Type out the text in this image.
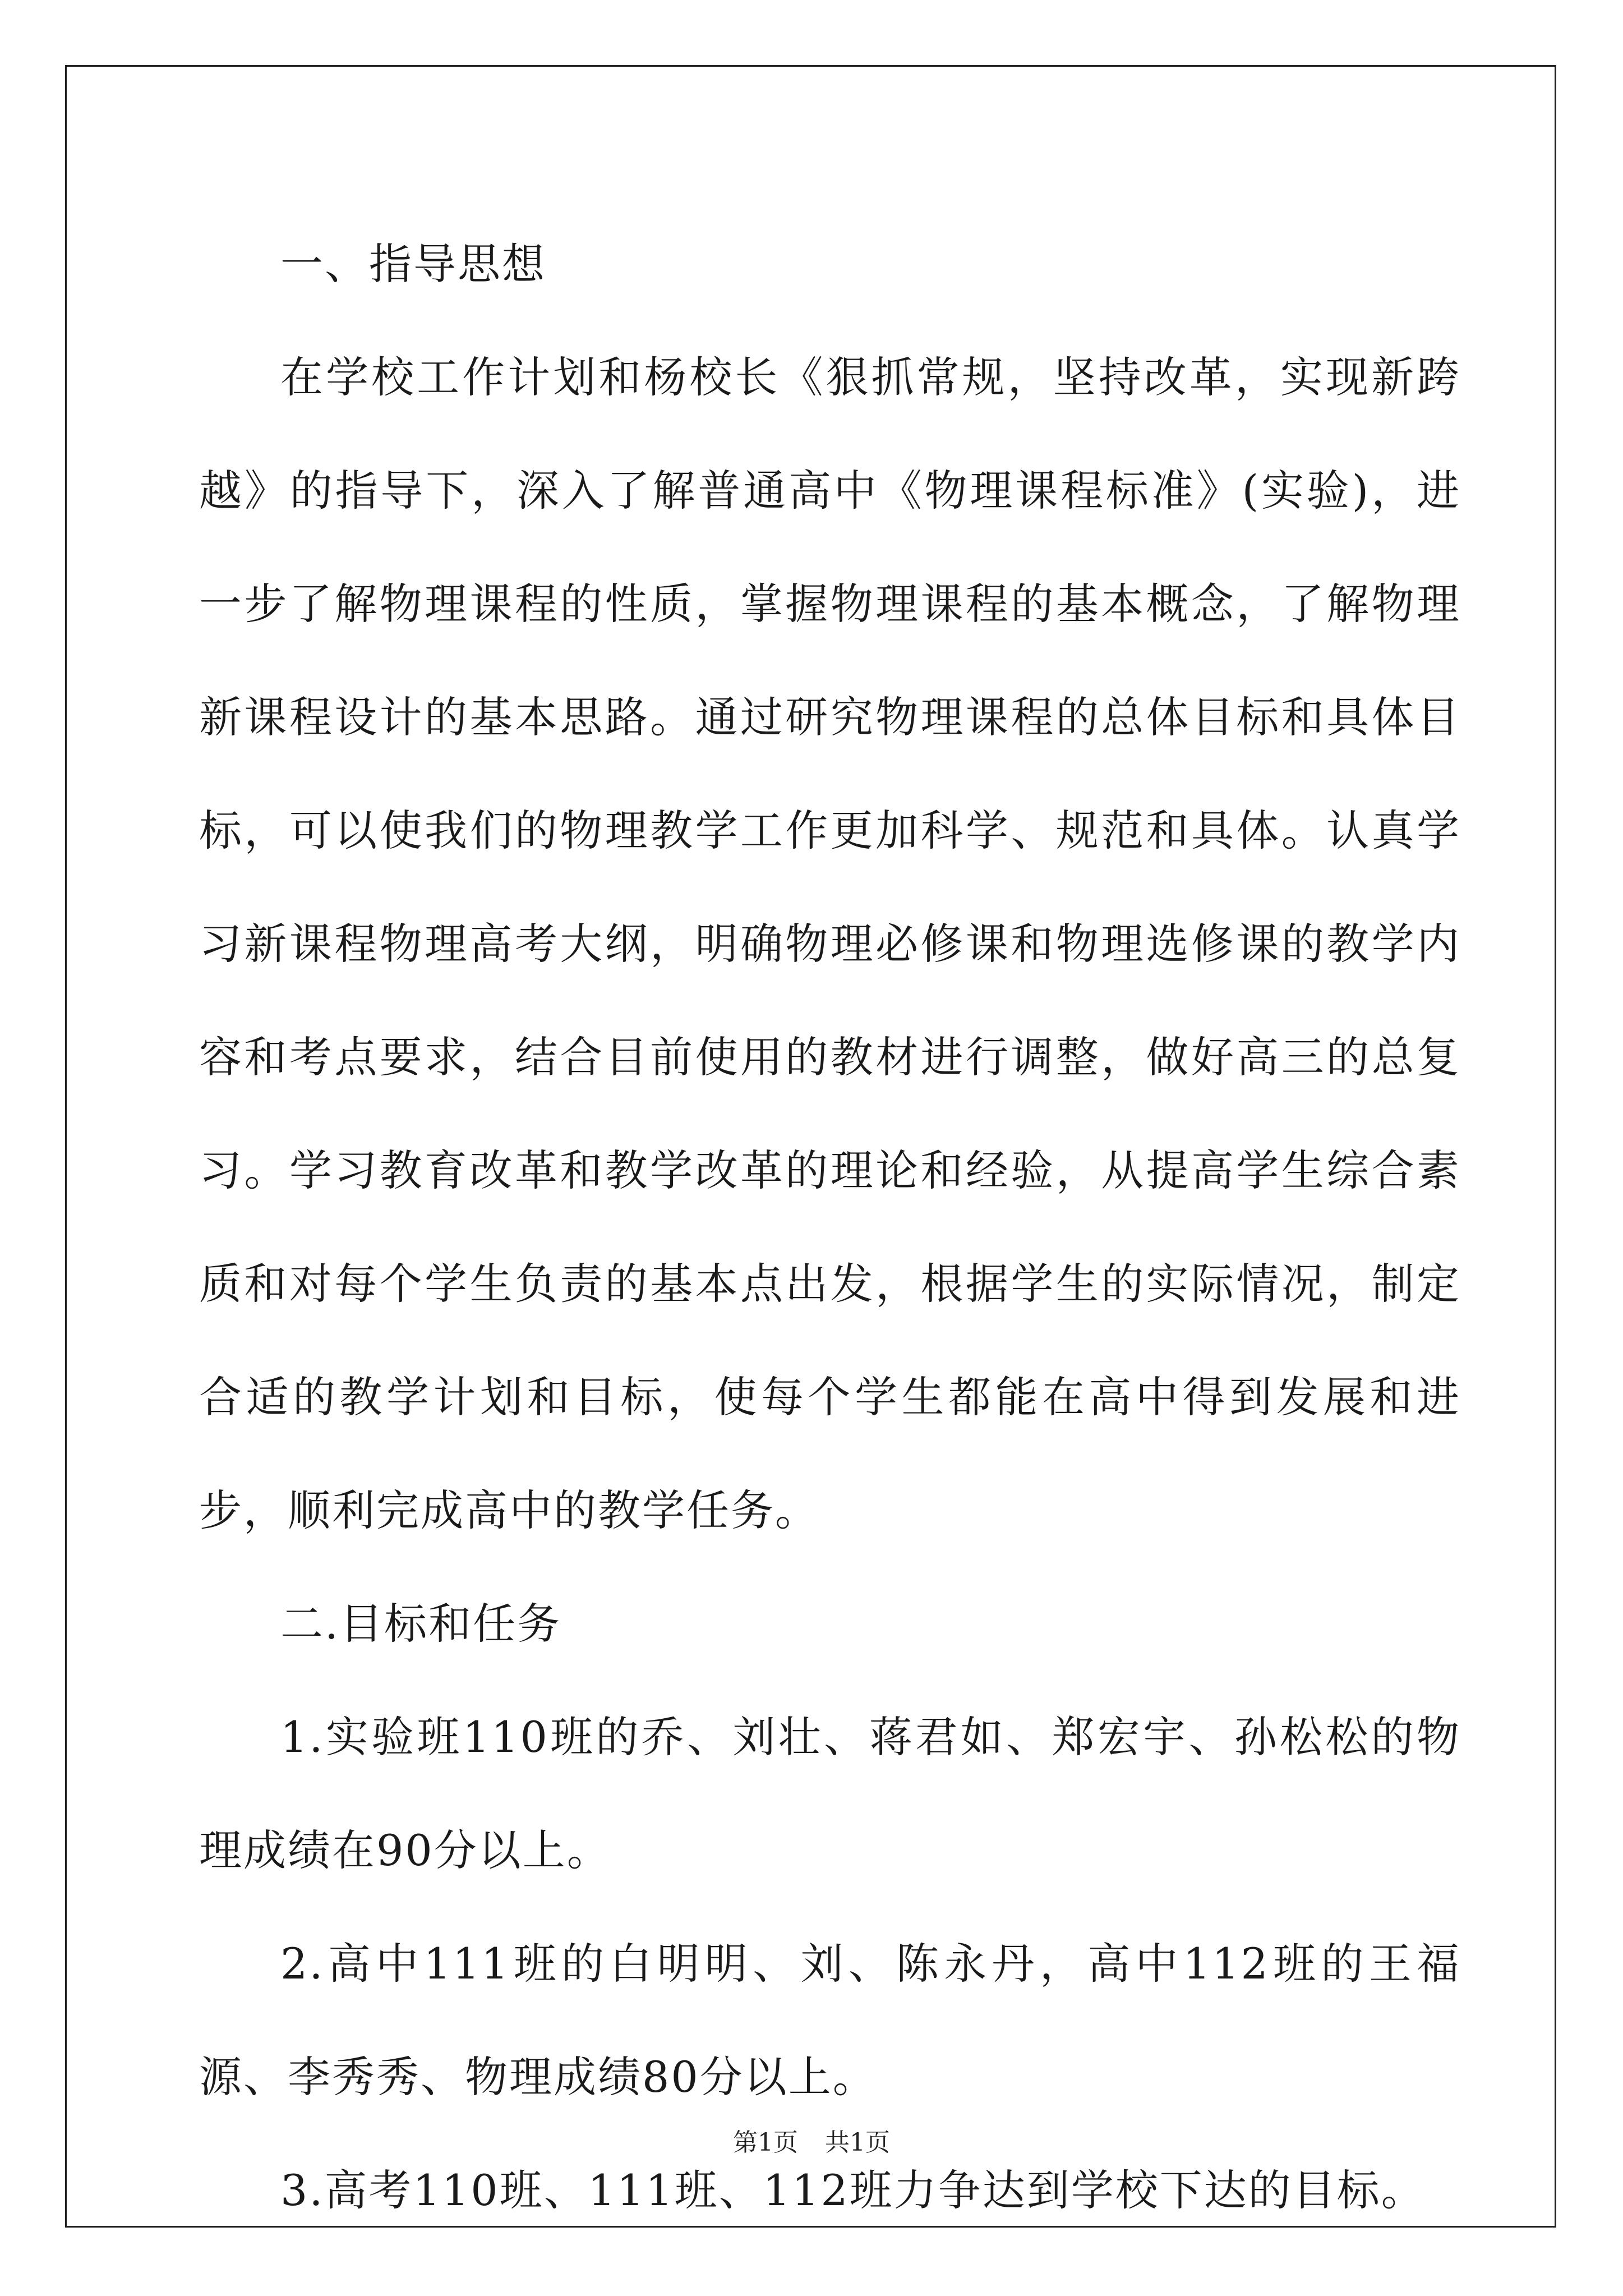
一、指导思想

在学校工作计划和杨校长《狠抓常规，坚持改革，实现新跨越》的指导下，深入了解普通高中《物理课程标准》(实验)，进一步了解物理课程的性质，掌握物理课程的基本概念，了解物理新课程设计的基本思路。通过研究物理课程的总体目标和具体目标，可以使我们的物理教学工作更加科学、规范和具体。认真学习新课程物理高考大纲，明确物理必修课和物理选修课的教学内容和考点要求，结合目前使用的教材进行调整，做好高三的总复习。学习教育改革和教学改革的理论和经验，从提高学生综合素质和对每个学生负责的基本点出发，根据学生的实际情况，制定合适的教学计划和目标，使每个学生都能在高中得到发展和进步，顺利完成高中的教学任务。

二.目标和任务

1.实验班110班的乔、刘壮、蒋君如、郑宏宇、孙松松的物理成绩在90分以上。

2.高中111班的白明明、刘、陈永丹，高中112班的王福源、李秀秀、物理成绩80分以上。

3.高考110班、111班、112班力争达到学校下达的目标。

第1页 共1页
